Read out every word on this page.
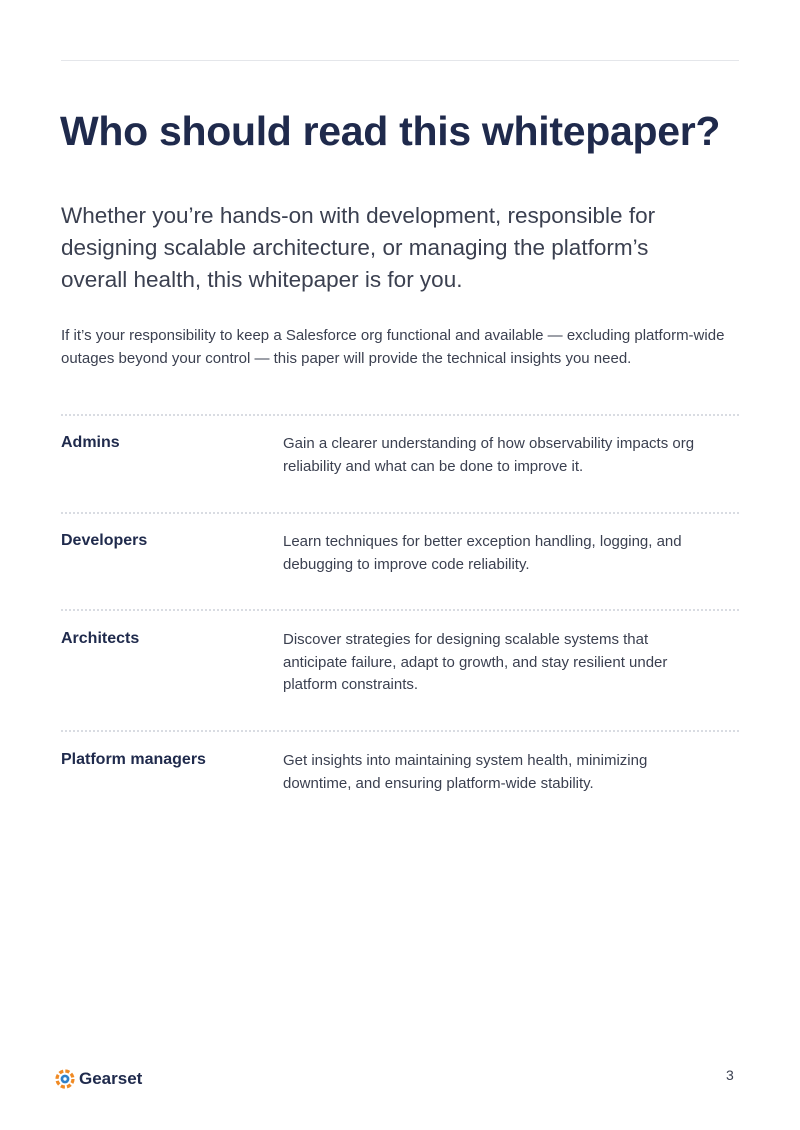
Who should read this whitepaper?

Whether you’re hands-on with development, responsible for designing scalable architecture, or managing the platform’s overall health, this whitepaper is for you.

If it’s your responsibility to keep a Salesforce org functional and available — excluding platform-wide outages beyond your control — this paper will provide the technical insights you need.

Admins	Gain a clearer understanding of how observability impacts org reliability and what can be done to improve it.

Developers	Learn techniques for better exception handling, logging, and debugging to improve code reliability.

Architects	Discover strategies for designing scalable systems that anticipate failure, adapt to growth, and stay resilient under platform constraints.

Platform managers	Get insights into maintaining system health, minimizing downtime, and ensuring platform-wide stability.

Gearset	3
